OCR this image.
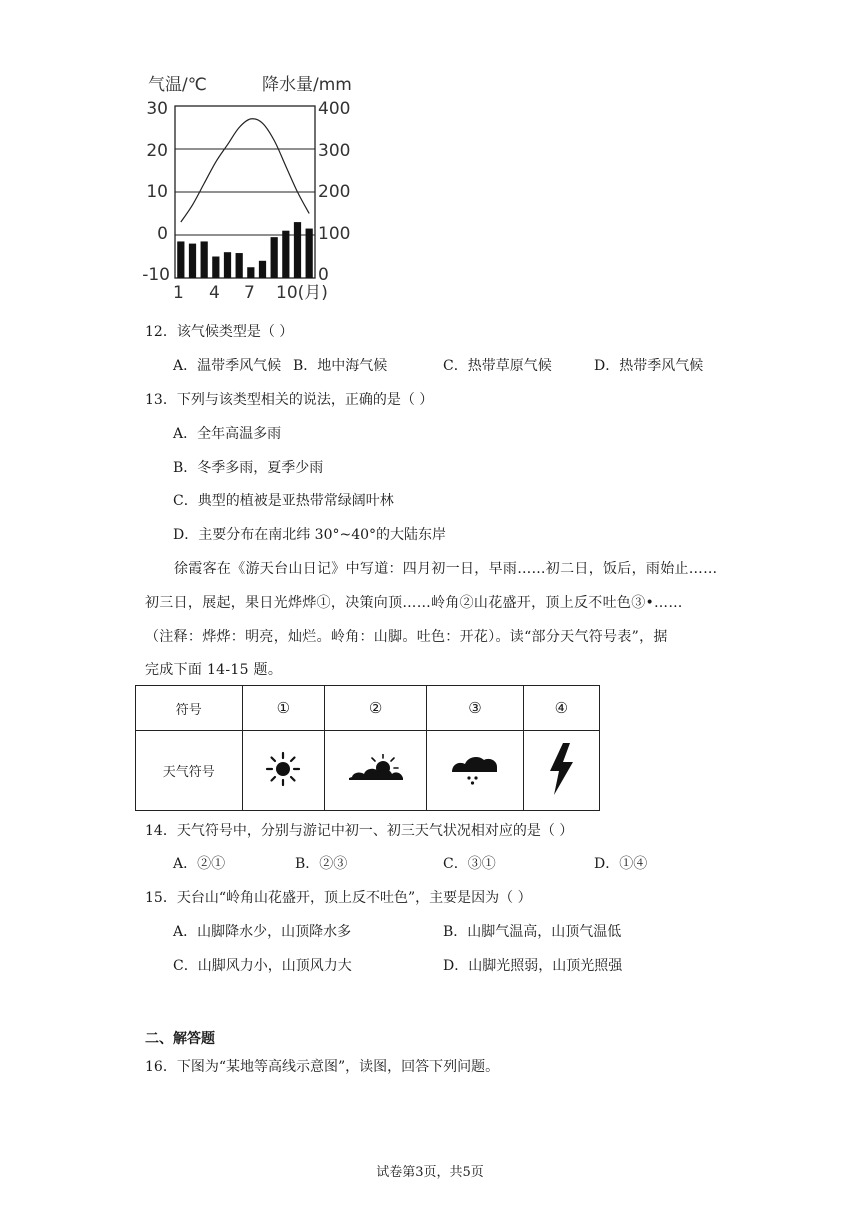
气温/℃	降水量/mm
30
20
10
0
-10
400
300
200
100
0
1 4 7 10(月)
12．该气候类型是（ ）
A．温带季风气候 B．地中海气候	C．热带草原气候	D．热带季风气候
13．下列与该类型相关的说法，正确的是（ ）
A．全年高温多雨
B．冬季多雨，夏季少雨
C．典型的植被是亚热带常绿阔叶林
D．主要分布在南北纬 30°~40°的大陆东岸
徐霞客在《游天台山日记》中写道：四月初一日，早雨……初二日，饭后，雨始止……
初三日，展起，果日光烨烨①，决策向顶……岭角②山花盛开，顶上反不吐色③•……
（注释：烨烨：明亮，灿烂。岭角：山脚。吐色：开花）。读“部分天气符号表”，据
完成下面 14-15 题。
符号	①	②	③	④
天气符号				
14．天气符号中，分别与游记中初一、初三天气状况相对应的是（ ）
A．②①	B．②③	C．③①	D．①④
15．天台山“岭角山花盛开，顶上反不吐色”，主要是因为（ ）
A．山脚降水少，山顶降水多	B．山脚气温高，山顶气温低
C．山脚风力小，山顶风力大	D．山脚光照弱，山顶光照强
二、解答题
16．下图为“某地等高线示意图”，读图，回答下列问题。
试卷第3页，共5页
